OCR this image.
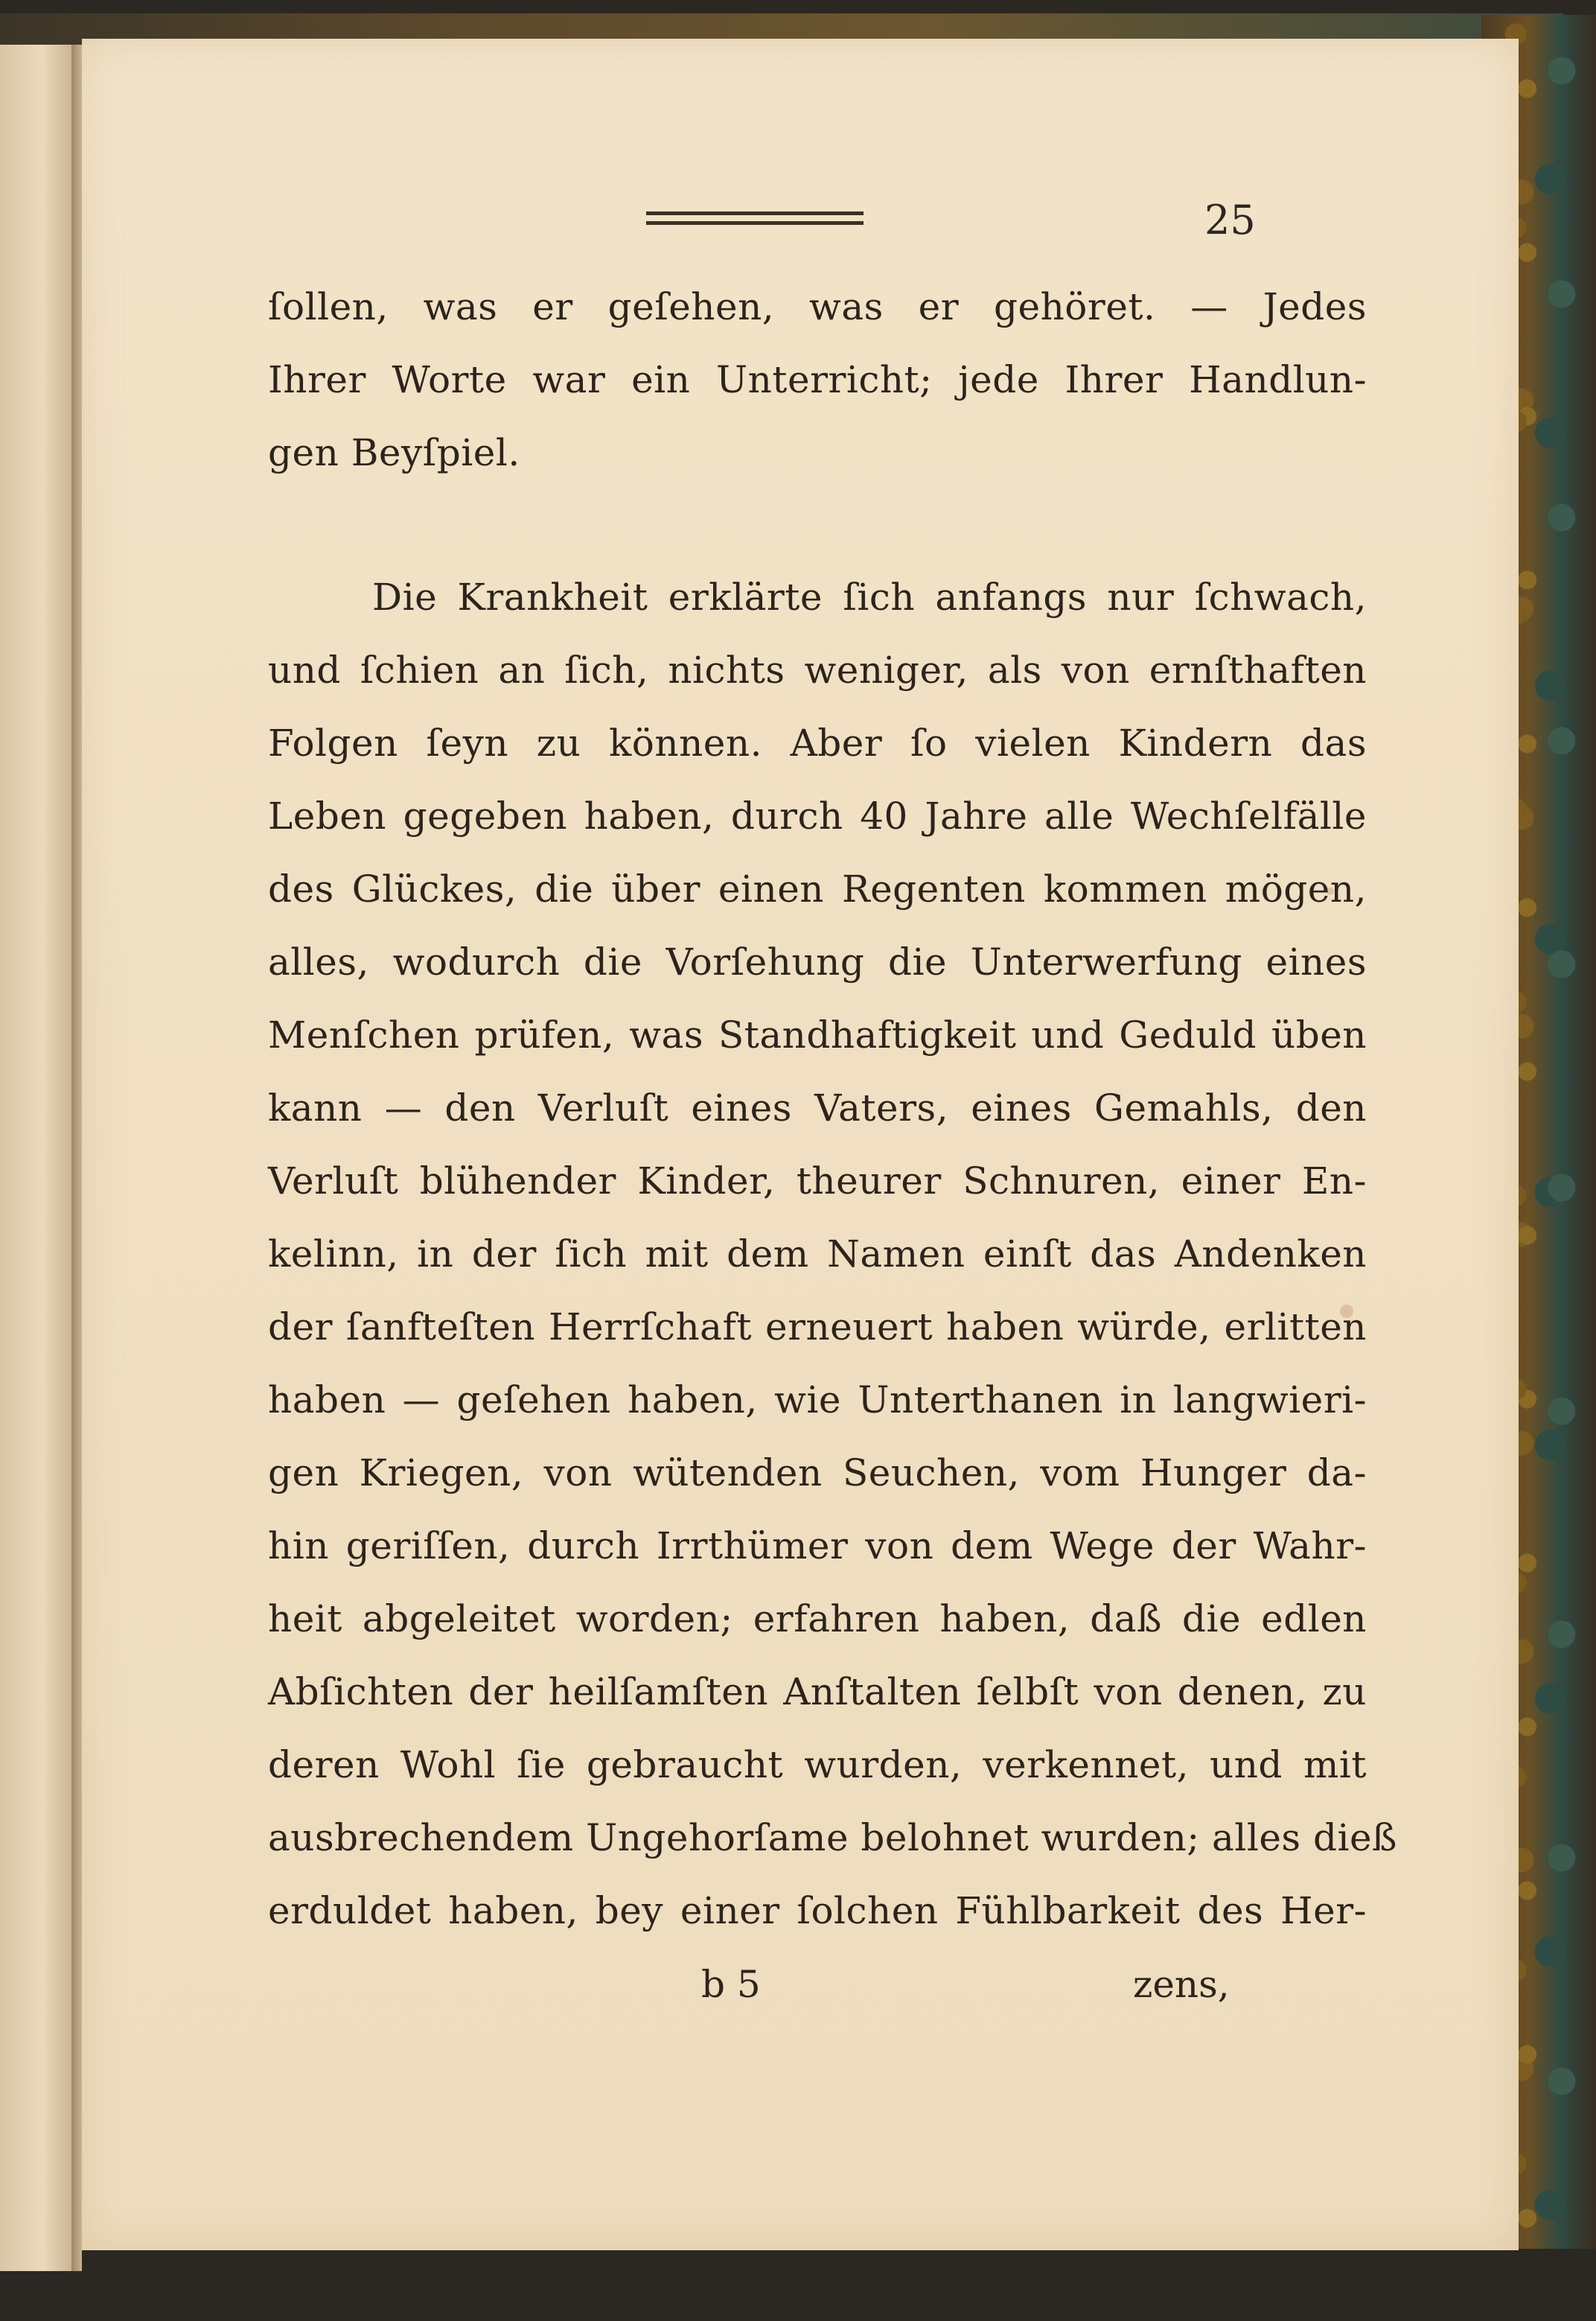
25
ſollen, was er geſehen, was er gehöret. — Jedes
Ihrer Worte war ein Unterricht; jede Ihrer Handlun-
gen Beyſpiel.
Die Krankheit erklärte ſich anfangs nur ſchwach,
und ſchien an ſich, nichts weniger, als von ernſthaften
Folgen ſeyn zu können. Aber ſo vielen Kindern das
Leben gegeben haben, durch 40 Jahre alle Wechſelfälle
des Glückes, die über einen Regenten kommen mögen,
alles, wodurch die Vorſehung die Unterwerfung eines
Menſchen prüfen, was Standhaftigkeit und Geduld üben
kann — den Verluſt eines Vaters, eines Gemahls, den
Verluſt blühender Kinder, theurer Schnuren, einer En-
kelinn, in der ſich mit dem Namen einſt das Andenken
der ſanfteſten Herrſchaft erneuert haben würde, erlitten
haben — geſehen haben, wie Unterthanen in langwieri-
gen Kriegen, von wütenden Seuchen, vom Hunger da-
hin geriſſen, durch Irrthümer von dem Wege der Wahr-
heit abgeleitet worden; erfahren haben, daß die edlen
Abſichten der heilſamſten Anſtalten ſelbſt von denen, zu
deren Wohl ſie gebraucht wurden, verkennet, und mit
ausbrechendem Ungehorſame belohnet wurden; alles dieß
erduldet haben, bey einer ſolchen Fühlbarkeit des Her-
b 5	zens,
